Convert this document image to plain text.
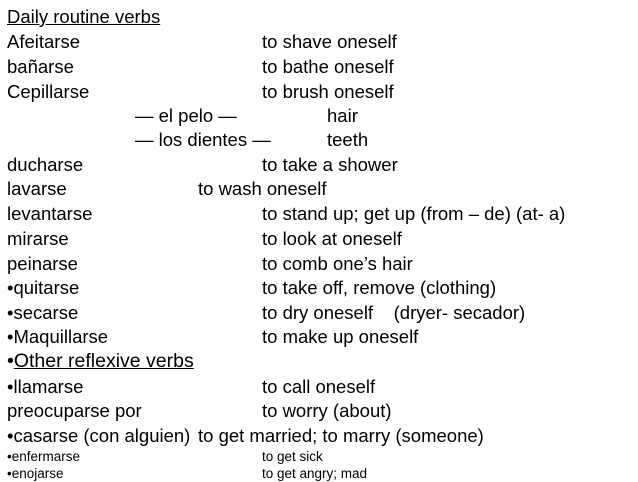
Daily routine verbs
Afeitarse	to shave oneself
bañarse	to bathe oneself
Cepillarse	to brush oneself
— el pelo —	hair
— los dientes —	teeth
ducharse	to take a shower
lavarse	to wash oneself
levantarse	to stand up; get up (from – de) (at- a)
mirarse	to look at oneself
peinarse	to comb one’s hair
•quitarse	to take off, remove (clothing)
•secarse	to dry oneself    (dryer- secador)
•Maquillarse	to make up oneself
•Other reflexive verbs
•llamarse	to call oneself
preocuparse por	to worry (about)
•casarse (con alguien) to get married; to marry (someone)
•enfermarse	to get sick
•enojarse	to get angry; mad
